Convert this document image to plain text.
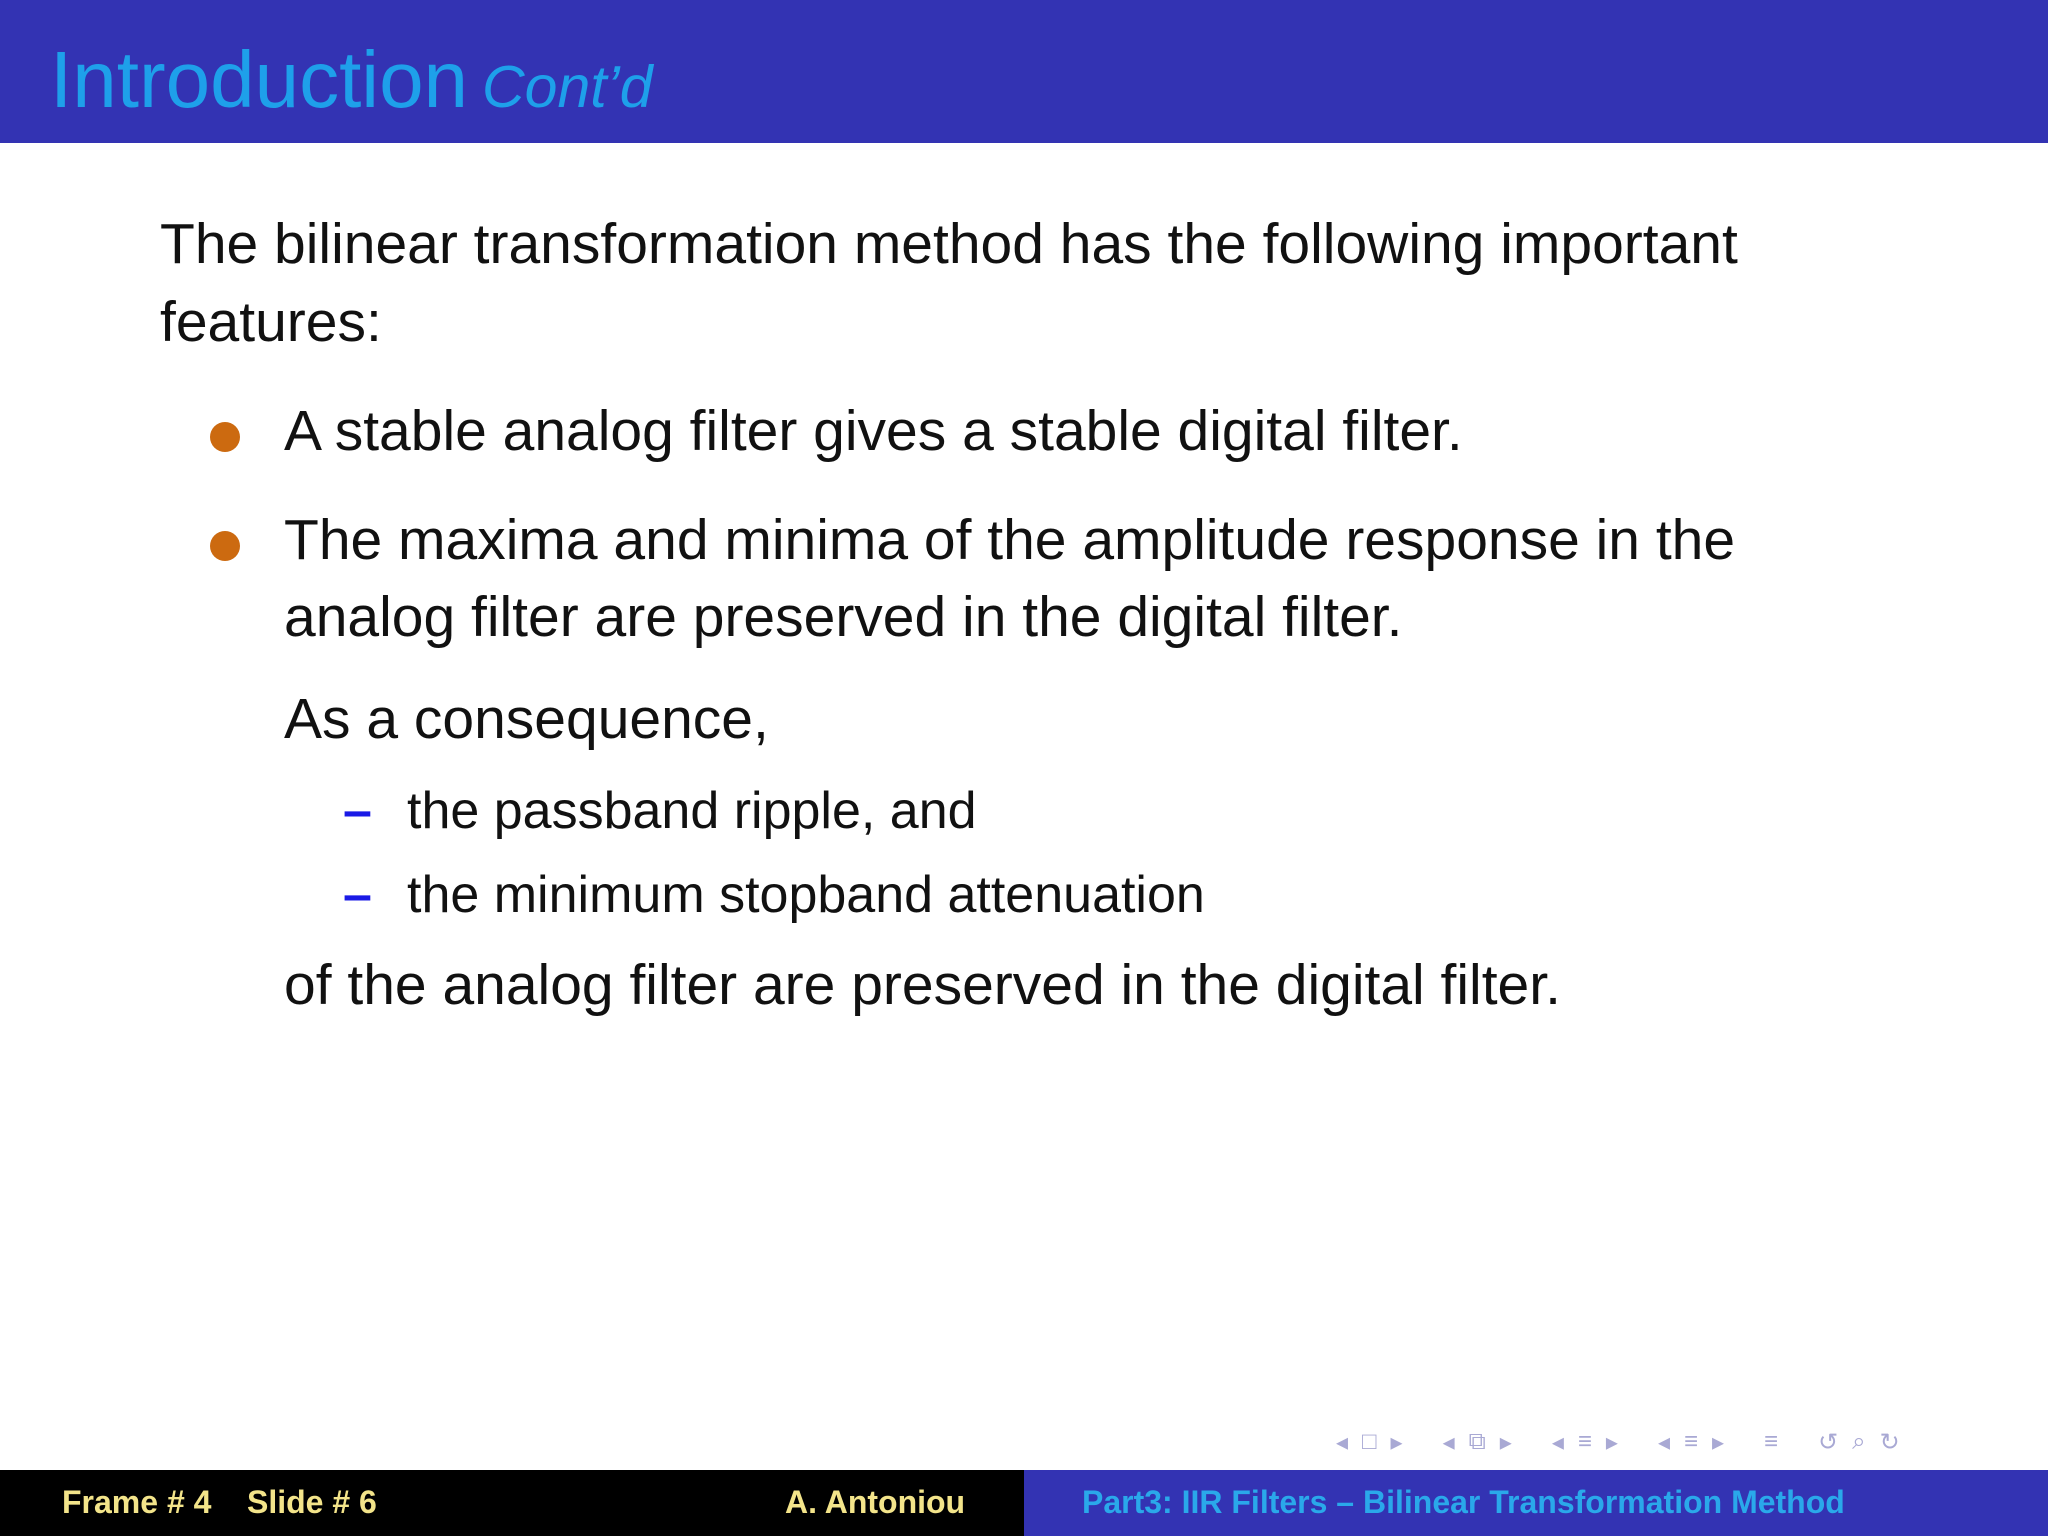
Introduction Cont’d

The bilinear transformation method has the following important features:

A stable analog filter gives a stable digital filter.
The maxima and minima of the amplitude response in the analog filter are preserved in the digital filter.
As a consequence,
– the passband ripple, and
– the minimum stopband attenuation
of the analog filter are preserved in the digital filter.
◂ □ ▸ ◂ ⧉ ▸ ◂ ≡ ▸ ◂ ≡ ▸ ≡ ↺ ⌕ ↻
Frame # 4    Slide # 6	A. Antoniou	Part3: IIR Filters – Bilinear Transformation Method
